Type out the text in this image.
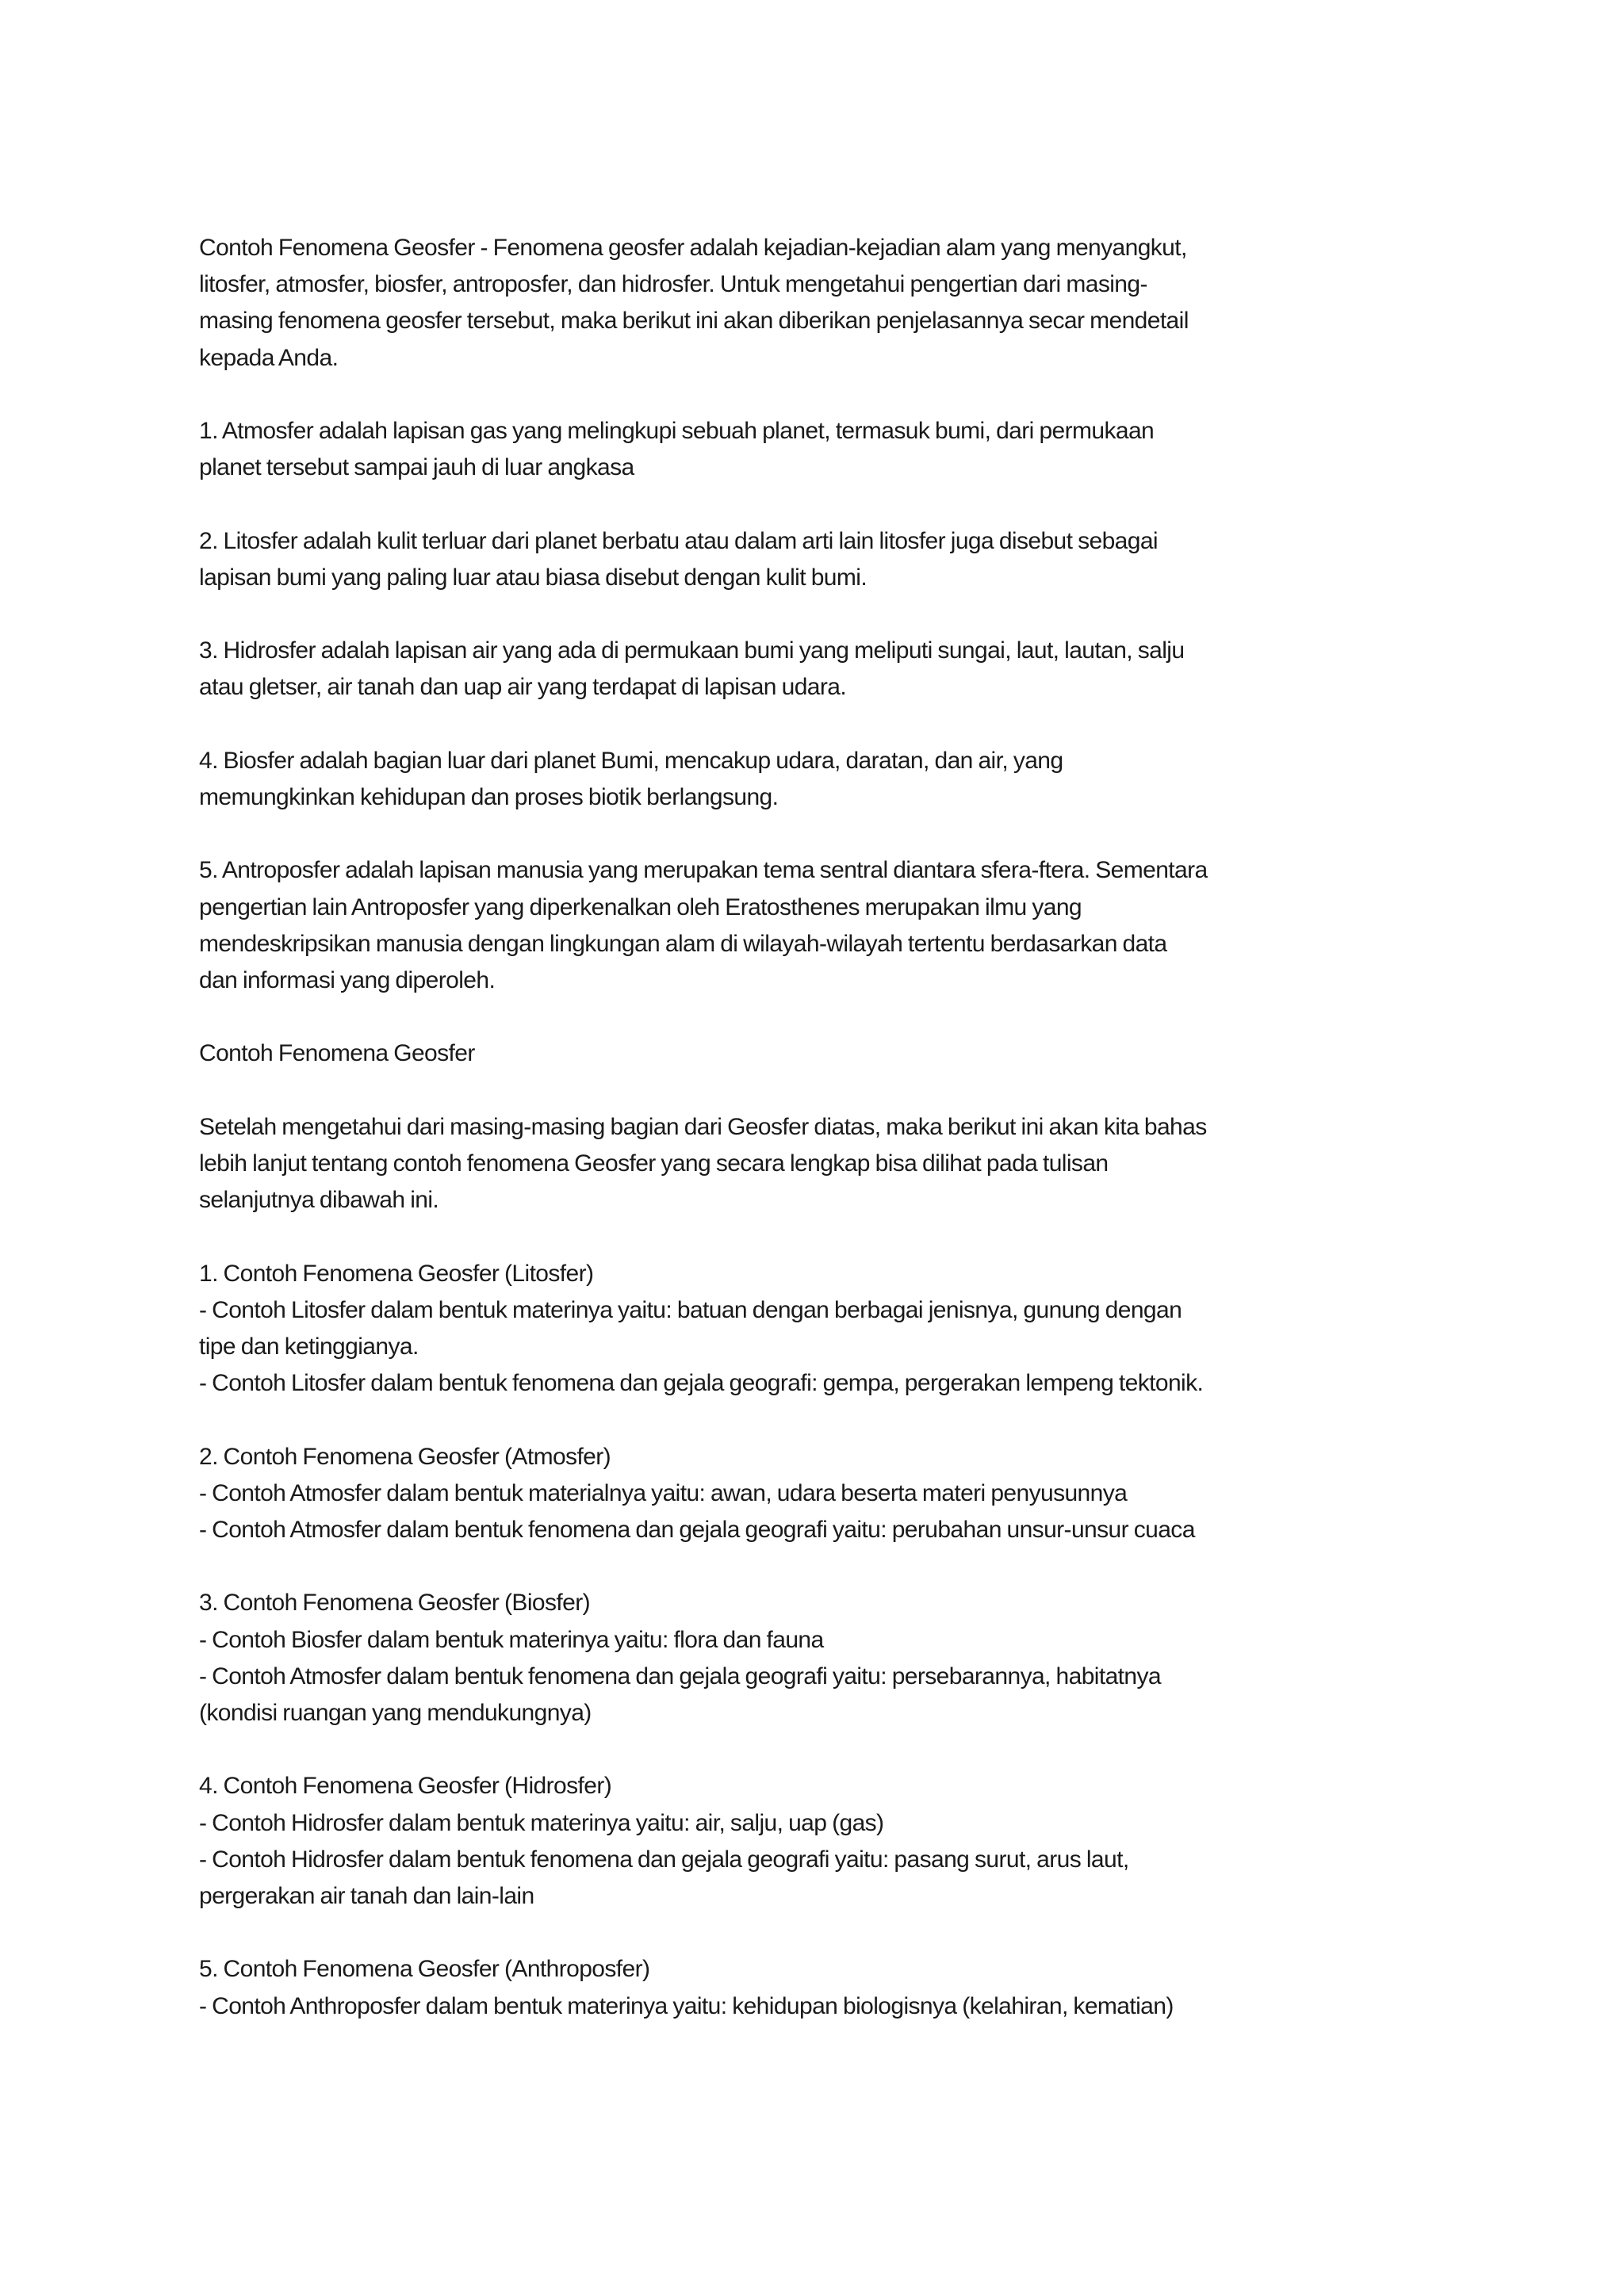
Contoh Fenomena Geosfer - Fenomena geosfer adalah kejadian-kejadian alam yang menyangkut,
litosfer, atmosfer, biosfer, antroposfer, dan hidrosfer. Untuk mengetahui pengertian dari masing-
masing fenomena geosfer tersebut, maka berikut ini akan diberikan penjelasannya secar mendetail
kepada Anda.

1. Atmosfer adalah lapisan gas yang melingkupi sebuah planet, termasuk bumi, dari permukaan
planet tersebut sampai jauh di luar angkasa

2. Litosfer adalah kulit terluar dari planet berbatu atau dalam arti lain litosfer juga disebut sebagai
lapisan bumi yang paling luar atau biasa disebut dengan kulit bumi.

3. Hidrosfer adalah lapisan air yang ada di permukaan bumi yang meliputi sungai, laut, lautan, salju
atau gletser, air tanah dan uap air yang terdapat di lapisan udara.

4. Biosfer adalah bagian luar dari planet Bumi, mencakup udara, daratan, dan air, yang
memungkinkan kehidupan dan proses biotik berlangsung.

5. Antroposfer adalah lapisan manusia yang merupakan tema sentral diantara sfera-ftera. Sementara
pengertian lain Antroposfer yang diperkenalkan oleh Eratosthenes merupakan ilmu yang
mendeskripsikan manusia dengan lingkungan alam di wilayah-wilayah tertentu berdasarkan data
dan informasi yang diperoleh.

Contoh Fenomena Geosfer

Setelah mengetahui dari masing-masing bagian dari Geosfer diatas, maka berikut ini akan kita bahas
lebih lanjut tentang contoh fenomena Geosfer yang secara lengkap bisa dilihat pada tulisan
selanjutnya dibawah ini.

1. Contoh Fenomena Geosfer (Litosfer)
- Contoh Litosfer dalam bentuk materinya yaitu: batuan dengan berbagai jenisnya, gunung dengan
tipe dan ketinggianya.
- Contoh Litosfer dalam bentuk fenomena dan gejala geografi: gempa, pergerakan lempeng tektonik.

2. Contoh Fenomena Geosfer (Atmosfer)
- Contoh Atmosfer dalam bentuk materialnya yaitu: awan, udara beserta materi penyusunnya
- Contoh Atmosfer dalam bentuk fenomena dan gejala geografi yaitu: perubahan unsur-unsur cuaca

3. Contoh Fenomena Geosfer (Biosfer)
- Contoh Biosfer dalam bentuk materinya yaitu: flora dan fauna
- Contoh Atmosfer dalam bentuk fenomena dan gejala geografi yaitu: persebarannya, habitatnya
(kondisi ruangan yang mendukungnya)

4. Contoh Fenomena Geosfer (Hidrosfer)
- Contoh Hidrosfer dalam bentuk materinya yaitu: air, salju, uap (gas)
- Contoh Hidrosfer dalam bentuk fenomena dan gejala geografi yaitu: pasang surut, arus laut,
pergerakan air tanah dan lain-lain

5. Contoh Fenomena Geosfer (Anthroposfer)
- Contoh Anthroposfer dalam bentuk materinya yaitu: kehidupan biologisnya (kelahiran, kematian)
